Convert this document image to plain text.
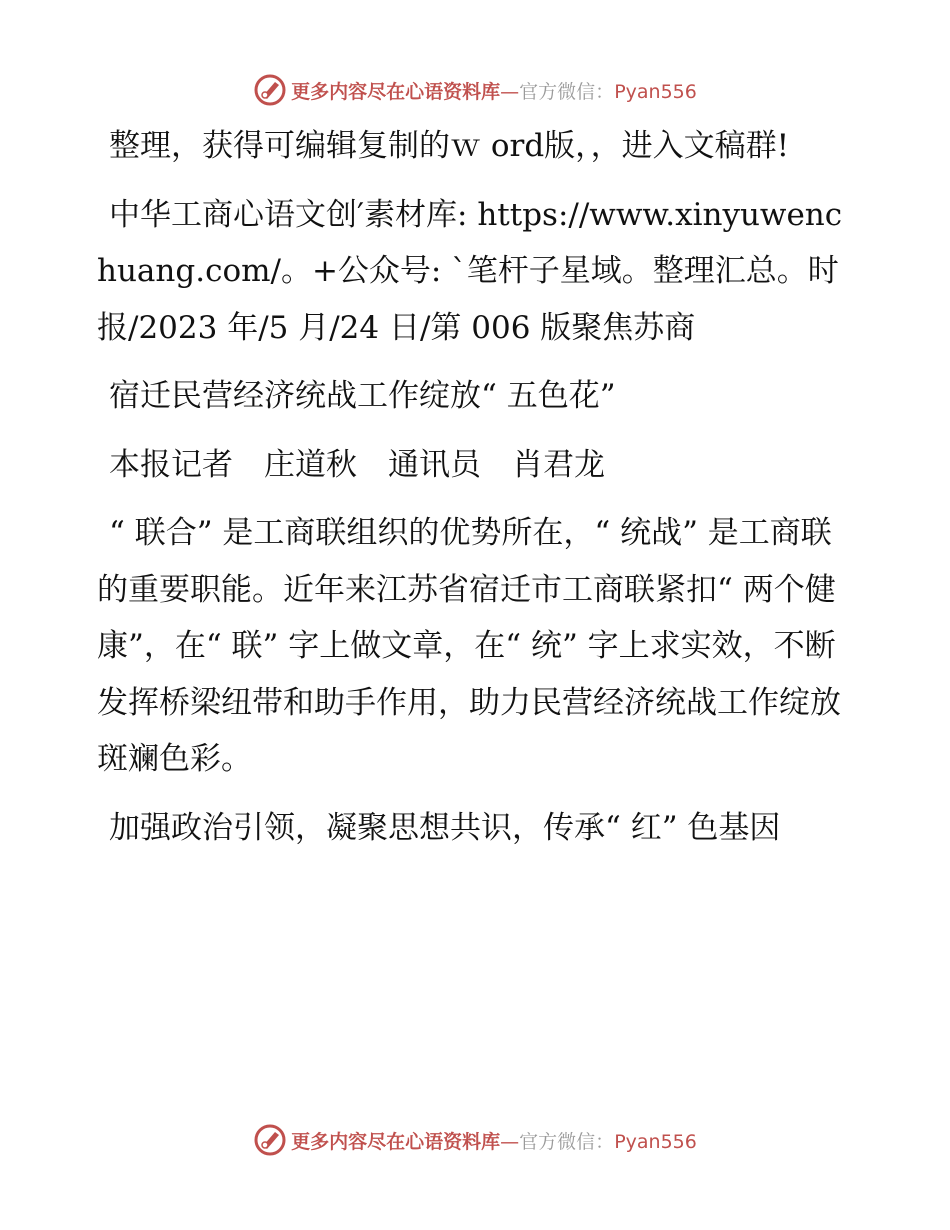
更多内容尽在心语资料库—官方微信：Pyan556

整理，获得可编辑复制的ｗ ord版，，进入文稿群!

中华工商心语文创′素材库: https://www.xinyuwenchuang.com/。+公众号: `笔杆子星域。整理汇总。时报/2023 年/5 月/24 日/第 006 版聚焦苏商

宿迁民营经济统战工作绽放“ 五色花”

本报记者　庄道秋　通讯员　肖君龙

“ 联合” 是工商联组织的优势所在，“ 统战” 是工商联的重要职能。近年来江苏省宿迁市工商联紧扣“ 两个健康”，在“ 联” 字上做文章，在“ 统” 字上求实效，不断发挥桥梁纽带和助手作用，助力民营经济统战工作绽放斑斓色彩。

加强政治引领，凝聚思想共识，传承“ 红” 色基因

更多内容尽在心语资料库—官方微信：Pyan556
